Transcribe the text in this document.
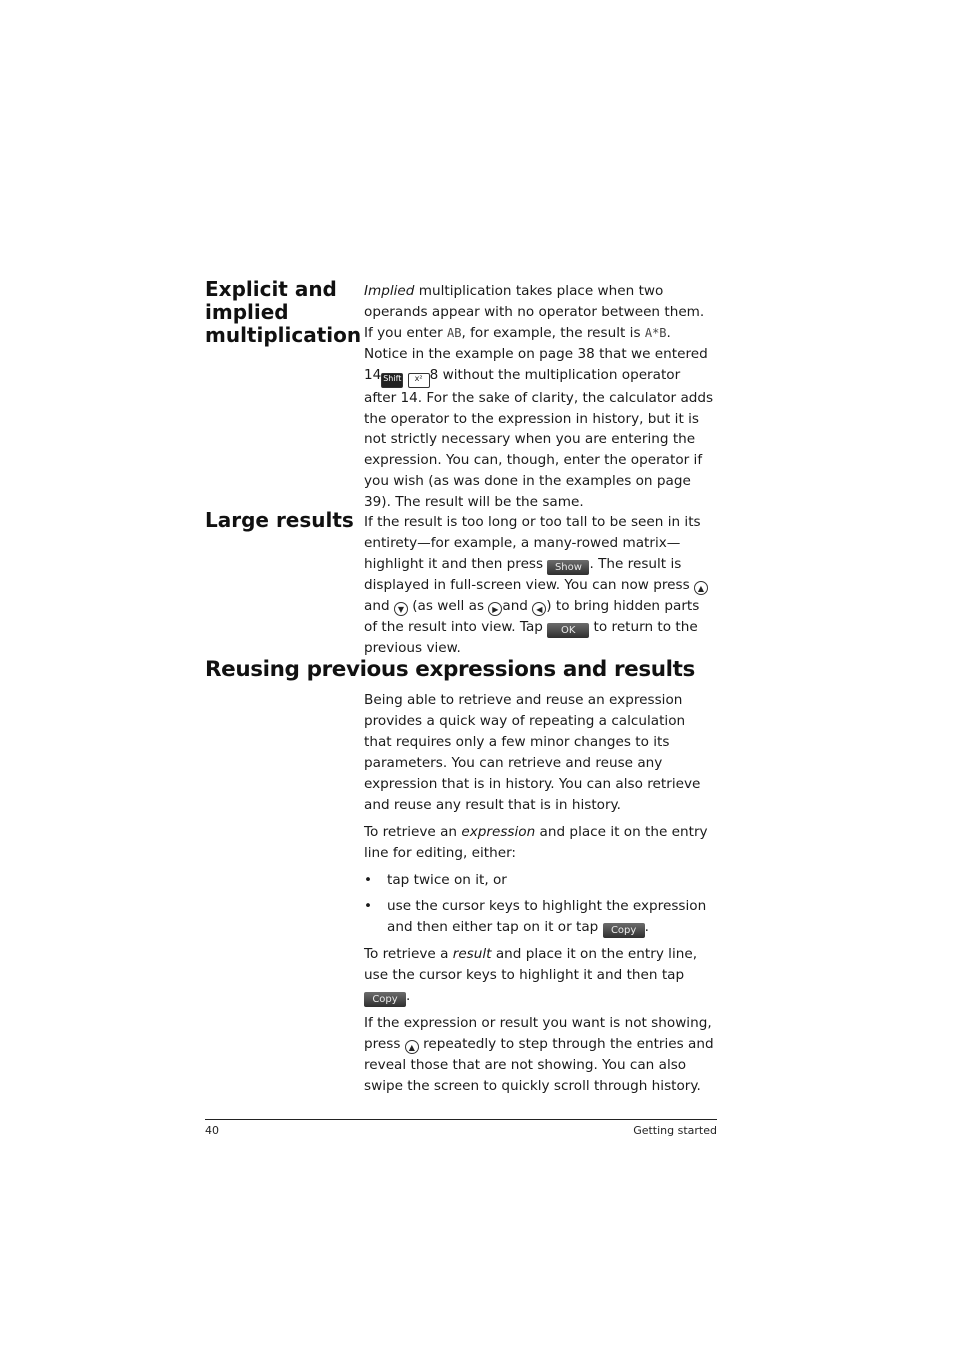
Explicit and implied multiplication

Implied multiplication takes place when two operands appear with no operator between them. If you enter AB, for example, the result is A*B. Notice in the example on page 38 that we entered 14 Shift x² 8 without the multiplication operator after 14. For the sake of clarity, the calculator adds the operator to the expression in history, but it is not strictly necessary when you are entering the expression. You can, though, enter the operator if you wish (as was done in the examples on page 39). The result will be the same.

Large results If the result is too long or too tall to be seen in its entirety—for example, a many-rowed matrix—highlight it and then press Show . The result is displayed in full-screen view. You can now press ▲ and ▼ (as well as ▶ and ◀ ) to bring hidden parts of the result into view. Tap OK to return to the previous view.

Reusing previous expressions and results

Being able to retrieve and reuse an expression provides a quick way of repeating a calculation that requires only a few minor changes to its parameters. You can retrieve and reuse any expression that is in history. You can also retrieve and reuse any result that is in history.

To retrieve an expression and place it on the entry line for editing, either:

• tap twice on it, or
• use the cursor keys to highlight the expression and then either tap on it or tap Copy .

To retrieve a result and place it on the entry line, use the cursor keys to highlight it and then tap Copy .

If the expression or result you want is not showing, press ▲ repeatedly to step through the entries and reveal those that are not showing. You can also swipe the screen to quickly scroll through history.

40	Getting started
